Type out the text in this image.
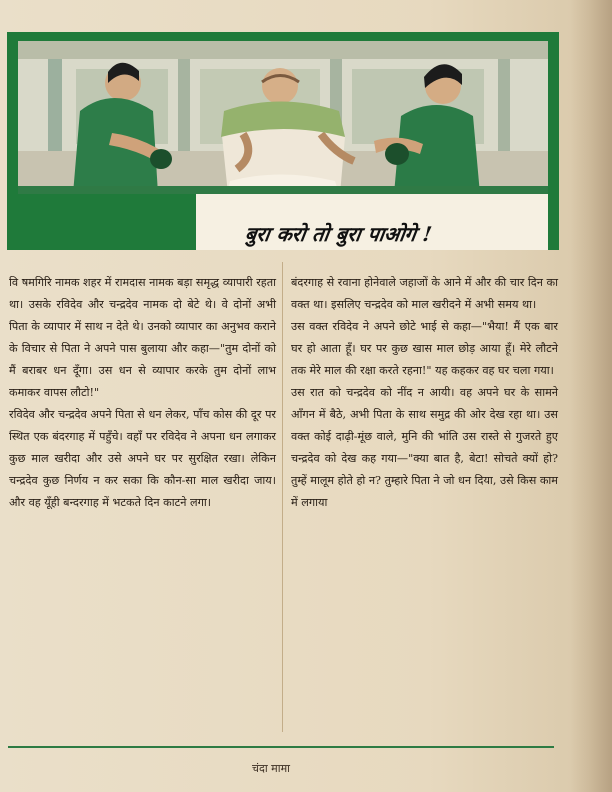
बुरा करो तो बुरा पाओगे !

वि षमगिरि नामक शहर में रामदास नामक बड़ा समृद्ध व्यापारी रहता था। उसके रविदेव और चन्द्रदेव नामक दो बेटे थे। वे दोनों अभी पिता के व्यापार में साथ न देते थे। उनको व्यापार का अनुभव कराने के विचार से पिता ने अपने पास बुलाया और कहा—"तुम दोनों को मैं बराबर धन दूँगा। उस धन से व्यापार करके तुम दोनों लाभ कमाकर वापस लौटो!"

रविदेव और चन्द्रदेव अपने पिता से धन लेकर, पाँच कोस की दूर पर स्थित एक बंदरगाह में पहुँचे। वहाँ पर रविदेव ने अपना धन लगाकर कुछ माल खरीदा और उसे अपने घर पर सुरक्षित रखा। लेकिन चन्द्रदेव कुछ निर्णय न कर सका कि कौन-सा माल खरीदा जाय। और वह यूँही बन्दरगाह में भटकते दिन काटने लगा।

बंदरगाह से रवाना होनेवाले जहाजों के आने में और की चार दिन का वक्त था। इसलिए चन्द्रदेव को माल खरीदने में अभी समय था।

उस वक्त रविदेव ने अपने छोटे भाई से कहा—"भैया! मैं एक बार घर हो आता हूँ। घर पर कुछ खास माल छोड़ आया हूँ। मेरे लौटने तक मेरे माल की रक्षा करते रहना!" यह कहकर वह घर चला गया।

उस रात को चन्द्रदेव को नींद न आयी। वह अपने घर के सामने आँगन में बैठे, अभी पिता के साथ समुद्र की ओर देख रहा था। उस वक्त कोई दाढ़ी-मूंछ वाले, मुनि की भांति उस रास्ते से गुजरते हुए चन्द्रदेव को देख कह गया—"क्या बात है, बेटा! सोचते क्यों हो? तुम्हें मालूम होते हो न? तुम्हारे पिता ने जो धन दिया, उसे किस काम में लगाया

चंदा मामा
